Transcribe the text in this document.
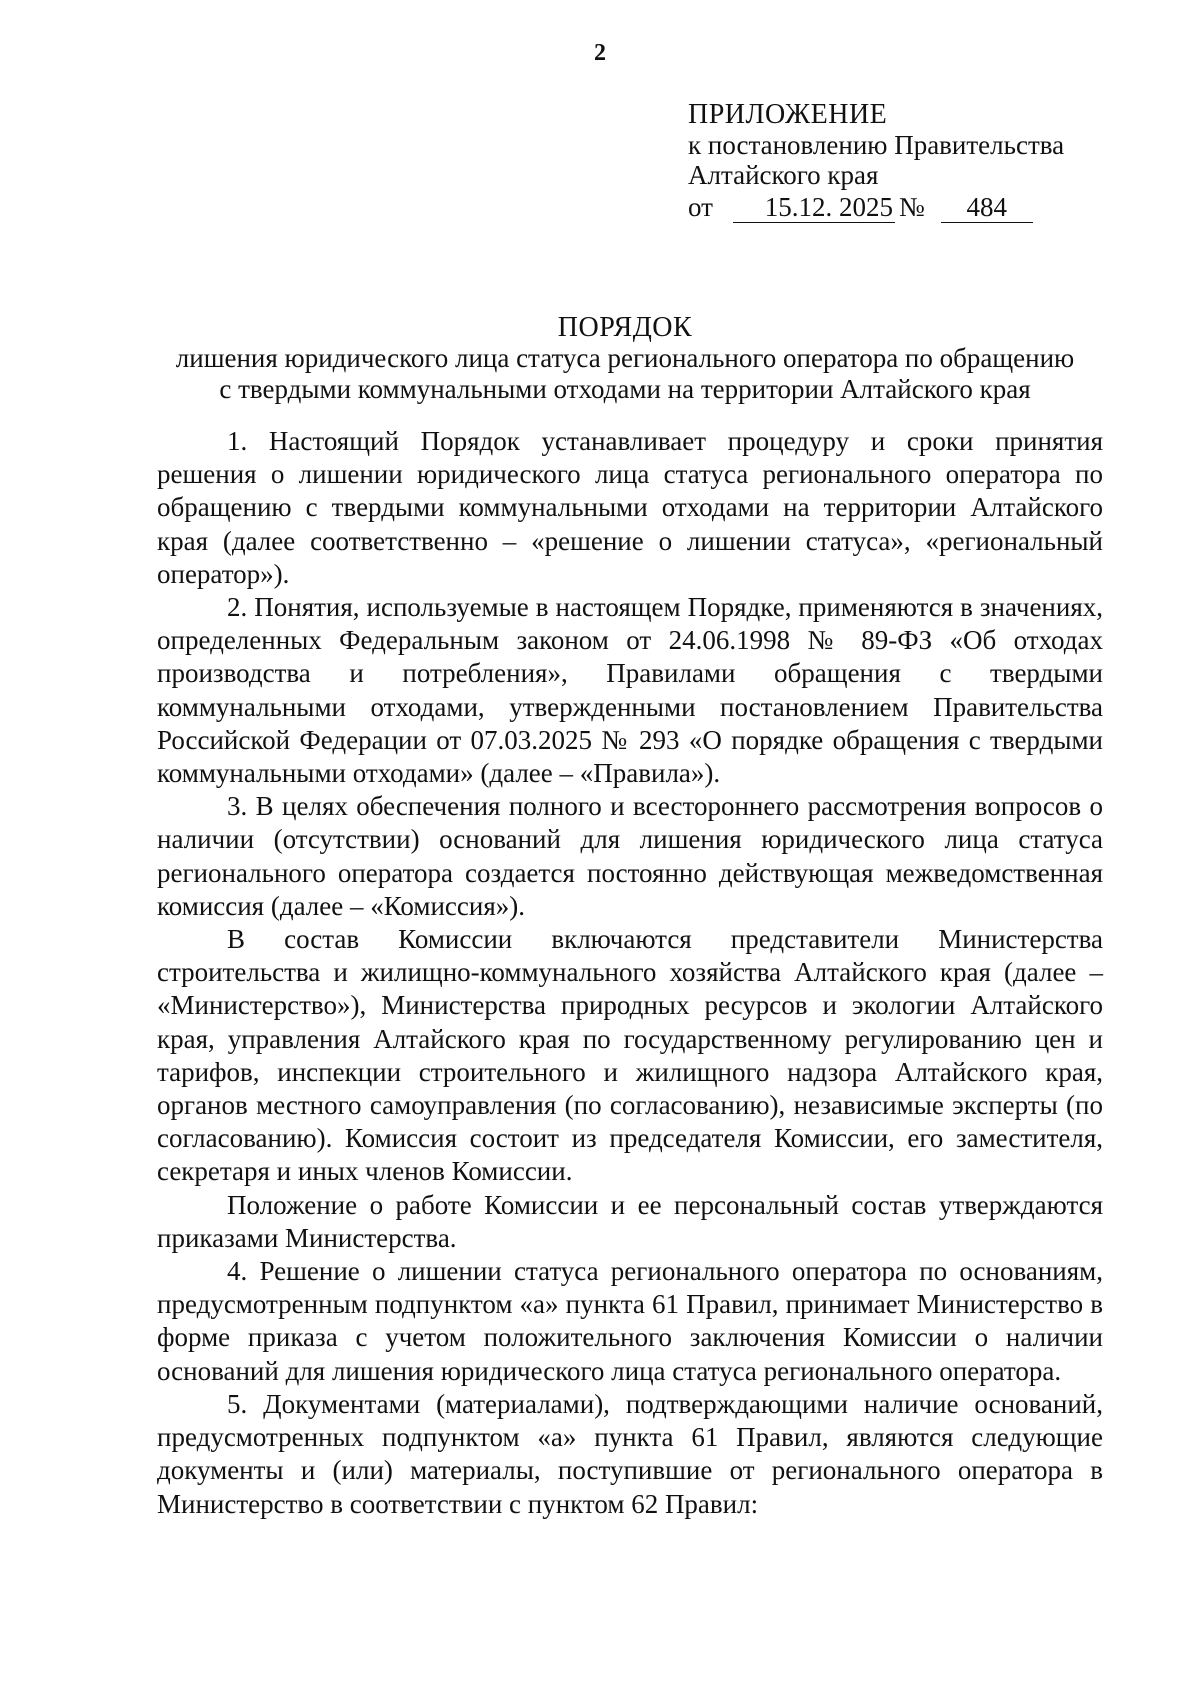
2
ПРИЛОЖЕНИЕ
к постановлению Правительства
Алтайского края
от	15.12. 2025 №	484
ПОРЯДОК
лишения юридического лица статуса регионального оператора по обращению
с твердыми коммунальными отходами на территории Алтайского края

1. Настоящий Порядок устанавливает процедуру и сроки принятия решения о лишении юридического лица статуса регионального оператора по обращению с твердыми коммунальными отходами на территории Алтайского края (далее соответственно – «решение о лишении статуса», «региональный оператор»).

2. Понятия, используемые в настоящем Порядке, применяются в значениях, определенных Федеральным законом от 24.06.1998 № 89-ФЗ «Об отходах производства и потребления», Правилами обращения с твердыми коммунальными отходами, утвержденными постановлением Правительства Российской Федерации от 07.03.2025 № 293 «О порядке обращения с твердыми коммунальными отходами» (далее – «Правила»).

3. В целях обеспечения полного и всестороннего рассмотрения вопросов о наличии (отсутствии) оснований для лишения юридического лица статуса регионального оператора создается постоянно действующая межведомственная комиссия (далее – «Комиссия»).

В состав Комиссии включаются представители Министерства строительства и жилищно-коммунального хозяйства Алтайского края (далее – «Министерство»), Министерства природных ресурсов и экологии Алтайского края, управления Алтайского края по государственному регулированию цен и тарифов, инспекции строительного и жилищного надзора Алтайского края, органов местного самоуправления (по согласованию), независимые эксперты (по согласованию). Комиссия состоит из председателя Комиссии, его заместителя, секретаря и иных членов Комиссии.

Положение о работе Комиссии и ее персональный состав утверждаются приказами Министерства.

4. Решение о лишении статуса регионального оператора по основаниям, предусмотренным подпунктом «а» пункта 61 Правил, принимает Министерство в форме приказа с учетом положительного заключения Комиссии о наличии оснований для лишения юридического лица статуса регионального оператора.

5. Документами (материалами), подтверждающими наличие оснований, предусмотренных подпунктом «а» пункта 61 Правил, являются следующие документы и (или) материалы, поступившие от регионального оператора в Министерство в соответствии с пунктом 62 Правил:
